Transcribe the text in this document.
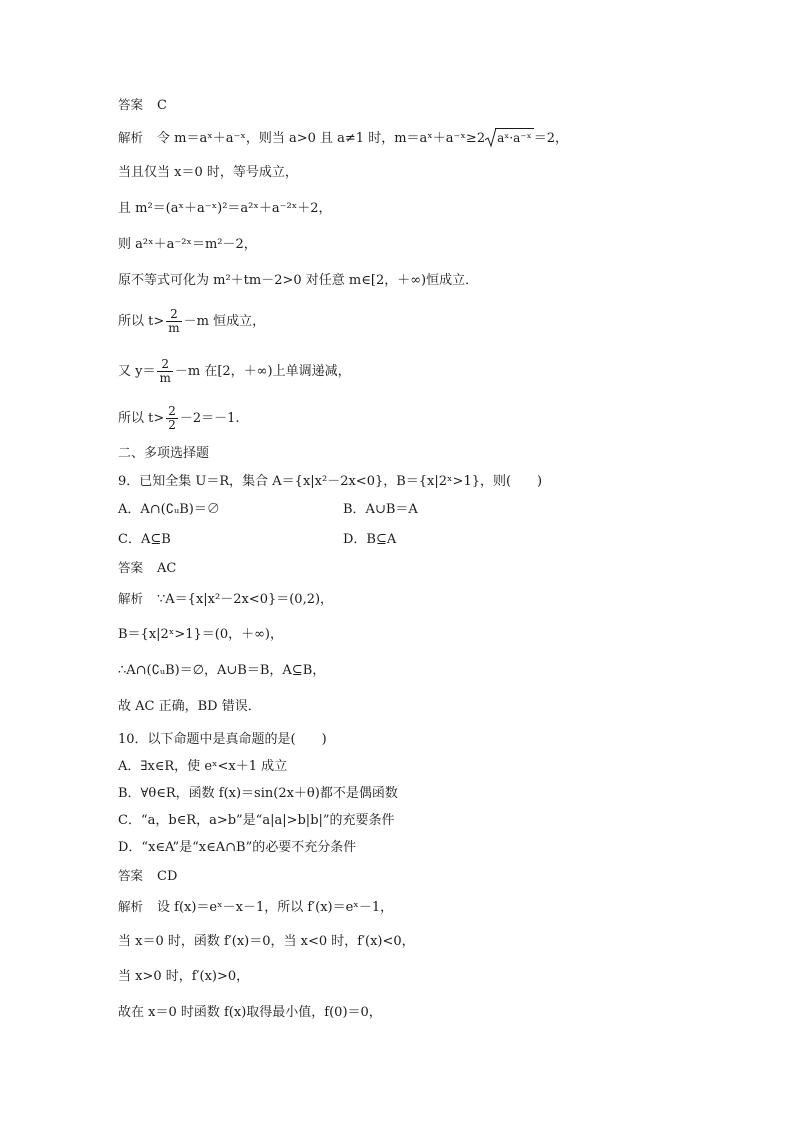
答案 C
解析 令 m＝aˣ＋a⁻ˣ，则当 a>0 且 a≠1 时，m＝aˣ＋a⁻ˣ≥2 aˣ·a⁻ˣ ＝2，
当且仅当 x＝0 时，等号成立，
且 m²＝(aˣ＋a⁻ˣ)²＝a²ˣ＋a⁻²ˣ＋2，
则 a²ˣ＋a⁻²ˣ＝m²－2，
原不等式可化为 m²＋tm－2>0 对任意 m∈[2，＋∞)恒成立．
所以 $t> \frac{2}{m} -m$ 恒成立，
又 $y= \frac{2}{m} -m$ 在[2，＋∞)上单调递减，
所以 $t> \frac{2}{2} -2=-1$.
二、多项选择题
9．已知全集 U＝R，集合 A＝{x|x²－2x<0}，B＝{x|2ˣ>1}，则(　　)
A．A∩(∁ᵤB)＝∅	B．A∪B＝A
C．A⊆B	D．B⊆A
答案 AC
解析 ∵A＝{x|x²－2x<0}＝(0,2)，
B＝{x|2ˣ>1}＝(0，＋∞)，
∴A∩(∁ᵤB)＝∅，A∪B＝B，A⊆B，
故 AC 正确，BD 错误．
10．以下命题中是真命题的是(　　)
A．∃x∈R，使 eˣ<x＋1 成立
B．∀θ∈R，函数 f(x)＝sin(2x＋θ)都不是偶函数
C．“a，b∈R，a>b”是“a|a|>b|b|”的充要条件
D．“x∈A”是“x∈A∩B”的必要不充分条件
答案 CD
解析 设 f(x)＝eˣ－x－1，所以 f′(x)＝eˣ－1，
当 x＝0 时，函数 f′(x)＝0，当 x<0 时，f′(x)<0，
当 x>0 时，f′(x)>0，
故在 x＝0 时函数 f(x)取得最小值，f(0)＝0，
